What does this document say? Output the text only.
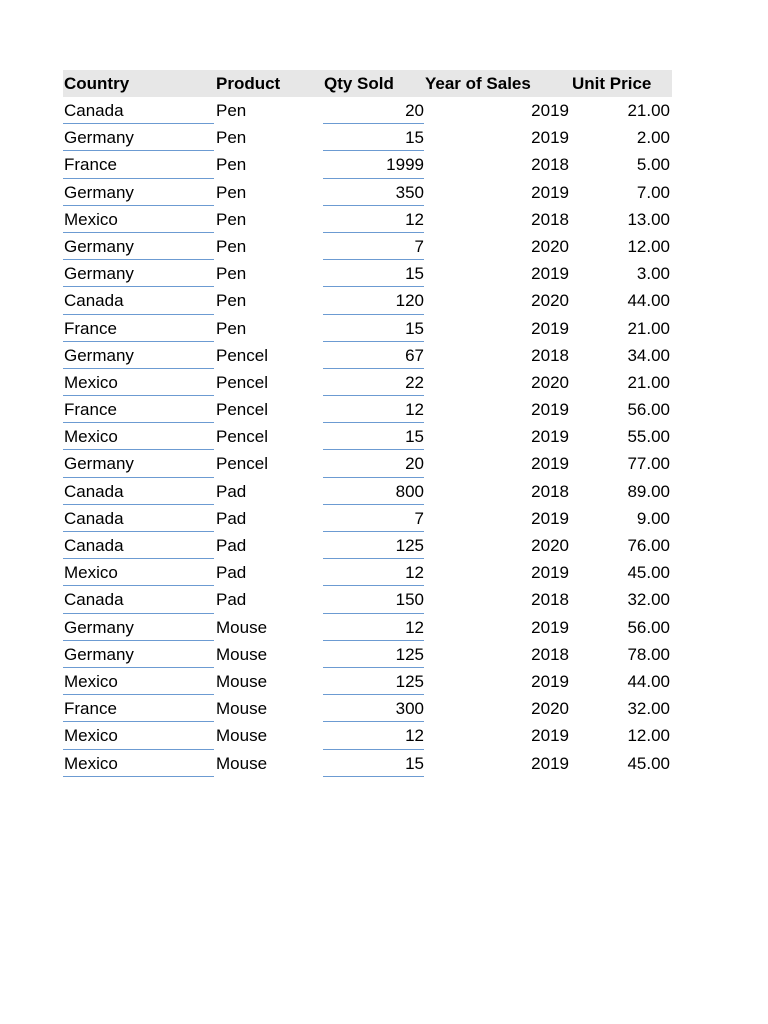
Country	Product	Qty Sold	Year of Sales	Unit Price
Canada	Pen	20	2019	21.00
Germany	Pen	15	2019	2.00
France	Pen	1999	2018	5.00
Germany	Pen	350	2019	7.00
Mexico	Pen	12	2018	13.00
Germany	Pen	7	2020	12.00
Germany	Pen	15	2019	3.00
Canada	Pen	120	2020	44.00
France	Pen	15	2019	21.00
Germany	Pencel	67	2018	34.00
Mexico	Pencel	22	2020	21.00
France	Pencel	12	2019	56.00
Mexico	Pencel	15	2019	55.00
Germany	Pencel	20	2019	77.00
Canada	Pad	800	2018	89.00
Canada	Pad	7	2019	9.00
Canada	Pad	125	2020	76.00
Mexico	Pad	12	2019	45.00
Canada	Pad	150	2018	32.00
Germany	Mouse	12	2019	56.00
Germany	Mouse	125	2018	78.00
Mexico	Mouse	125	2019	44.00
France	Mouse	300	2020	32.00
Mexico	Mouse	12	2019	12.00
Mexico	Mouse	15	2019	45.00
